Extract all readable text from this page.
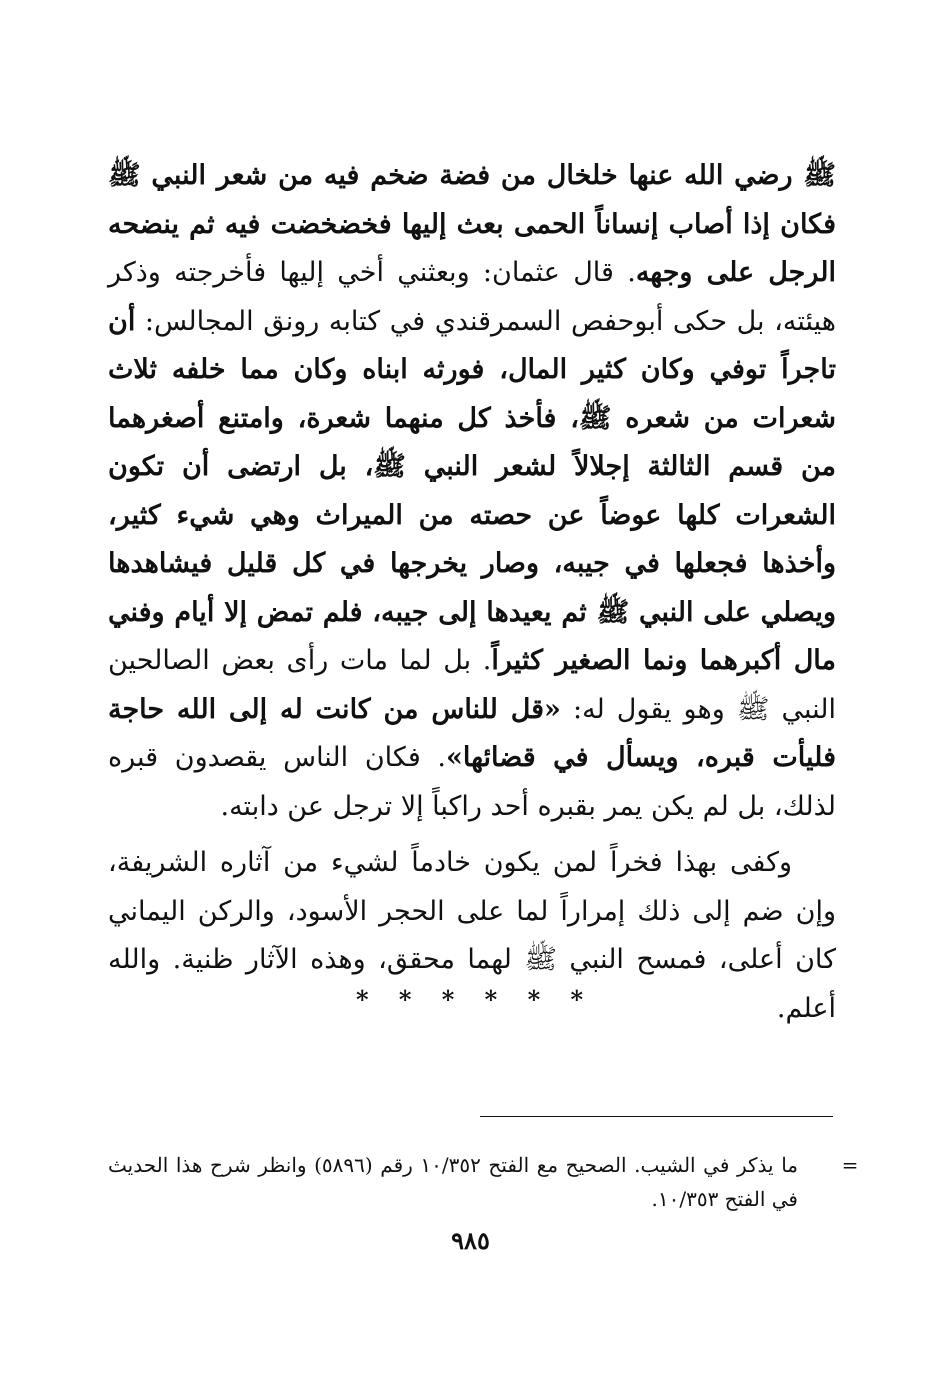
ﷺ رضي الله عنها خلخال من فضة ضخم فيه من شعر النبي ﷺ فكان إذا أصاب إنساناً الحمى بعث إليها فخضخضت فيه ثم ينضحه الرجل على وجهه. قال عثمان: وبعثني أخي إليها فأخرجته وذكر هيئته، بل حكى أبوحفص السمرقندي في كتابه رونق المجالس: أن تاجراً توفي وكان كثير المال، فورثه ابناه وكان مما خلفه ثلاث شعرات من شعره ﷺ، فأخذ كل منهما شعرة، وامتنع أصغرهما من قسم الثالثة إجلالاً لشعر النبي ﷺ، بل ارتضى أن تكون الشعرات كلها عوضاً عن حصته من الميراث وهي شيء كثير، وأخذها فجعلها في جيبه، وصار يخرجها في كل قليل فيشاهدها ويصلي على النبي ﷺ ثم يعيدها إلى جيبه، فلم تمض إلا أيام وفني مال أكبرهما ونما الصغير كثيراً. بل لما مات رأى بعض الصالحين النبي ﷺ وهو يقول له: «قل للناس من كانت له إلى الله حاجة فليأت قبره، ويسأل في قضائها». فكان الناس يقصدون قبره لذلك، بل لم يكن يمر بقبره أحد راكباً إلا ترجل عن دابته.

وكفى بهذا فخراً لمن يكون خادماً لشيء من آثاره الشريفة، وإن ضم إلى ذلك إمراراً لما على الحجر الأسود، والركن اليماني كان أعلى، فمسح النبي ﷺ لهما محقق، وهذه الآثار ظنية. والله أعلم.

* * * * * *
=

ما يذكر في الشيب. الصحيح مع الفتح ١٠/٣٥٢ رقم (٥٨٩٦) وانظر شرح هذا الحديث في الفتح ١٠/٣٥٣.

٩٨٥
